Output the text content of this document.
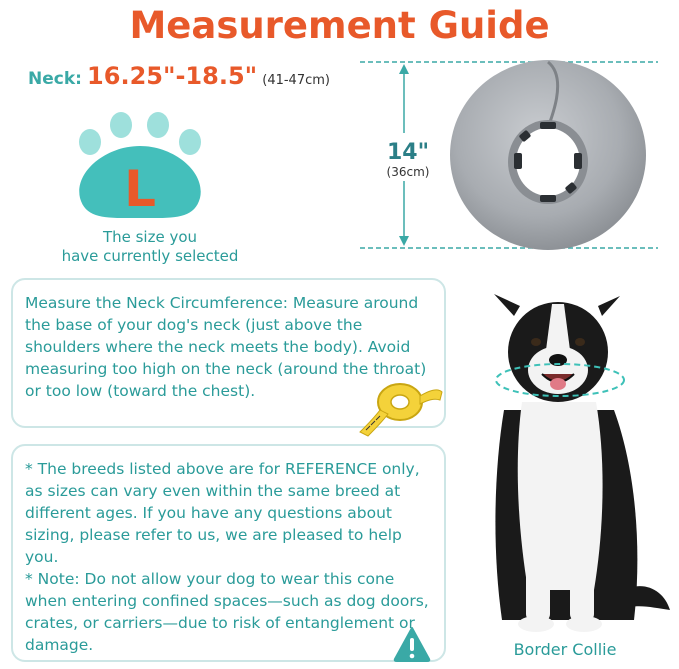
Measurement Guide
Neck: 16.25"-18.5" (41-47cm)
L
The size you
have currently selected
14"
(36cm)
Measure the Neck Circumference: Measure around the base of your dog's neck (just above the shoulders where the neck meets the body). Avoid measuring too high on the neck (around the throat) or too low (toward the chest).

* The breeds listed above are for REFERENCE only, as sizes can vary even within the same breed at different ages. If you have any questions about sizing, please refer to us, we are pleased to help you.

* Note: Do not allow your dog to wear this cone when entering confined spaces—such as dog doors, crates, or carriers—due to risk of entanglement or damage.	Border Collie
